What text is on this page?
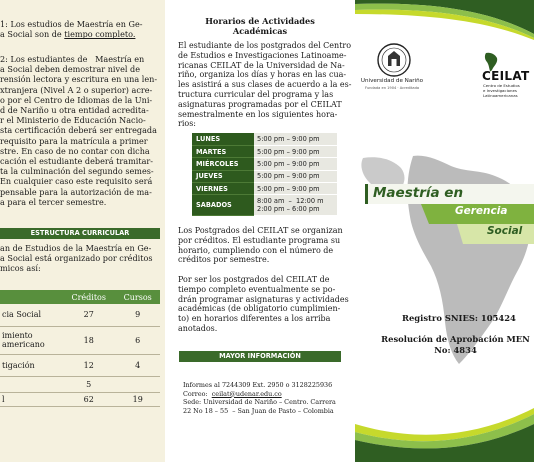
1: Los estudios de Maestría en Ge-
a Social son de tiempo completo.
2: Los estudiantes de   Maestría en
a Social deben demostrar nivel de
rensión lectora y escritura en una len-
xtranjera (Nivel A 2 o superior) acre-
o por el Centro de Idiomas de la Uni-
d de Nariño u otra entidad acredita-
r el Ministerio de Educación Nacio-
sta certificación deberá ser entregada
requisito para la matrícula a primer
stre. En caso de no contar con dicha
cación el estudiante deberá tramitar-
ta la culminación del segundo semes-
En cualquier caso este requisito será
pensable para la autorización de ma-
a para el tercer semestre.
ESTRUCTURA CURRICULAR
an de Estudios de la Maestría en Ge-
a Social está organizado por créditos
micos así:
	Créditos	Cursos
cia Social	27	9
imiento
americano	18	6
tigación	12	4
	5	
l	62	19
Horarios de Actividades
Académicas
El estudiante de los postgrados del Centro
de Estudios e Investigaciones Latinoame-
ricanas CEILAT de la Universidad de Na-
riño, organiza los días y horas en las cua-
les asistirá a sus clases de acuerdo a la es-
tructura curricular del programa y las
asignaturas programadas por el CEILAT
semestralmente en los siguientes hora-
rios:
LUNES	5:00 pm – 9:00 pm
MARTES	5:00 pm – 9:00 pm
MIÉRCOLES	5:00 pm – 9:00 pm
JUEVES	5:00 pm – 9:00 pm
VIERNES	5:00 pm – 9:00 pm
SABADOS	8:00 am  –  12:00 m
2:00 pm – 6:00 pm
Los Postgrados del CEILAT se organizan
por créditos. El estudiante programa su
horario, cumpliendo con el número de
créditos por semestre.
Por ser los postgrados del CEILAT de
tiempo completo eventualmente se po-
drán programar asignaturas y actividades
académicas (de obligatorio cumplimien-
to) en horarios diferentes a los arriba
anotados.
MAYOR INFORMACIÓN
Informes al 7244309 Ext. 2950 o 3128225936
Correo:  ceilat@udenar.edu.co
Sede: Universidad de Nariño – Centro. Carrera
22 No 18 – 55  – San Juan de Pasto – Colombia
Universidad de Nariño
Fundada en 1904 · Acreditada
CEILAT
Centro de Estudios
e Investigaciones
Latinoamericanas
Maestría en
Gerencia
Social
Registro SNIES: 105424
Resolución de Aprobación MEN
No: 4834
